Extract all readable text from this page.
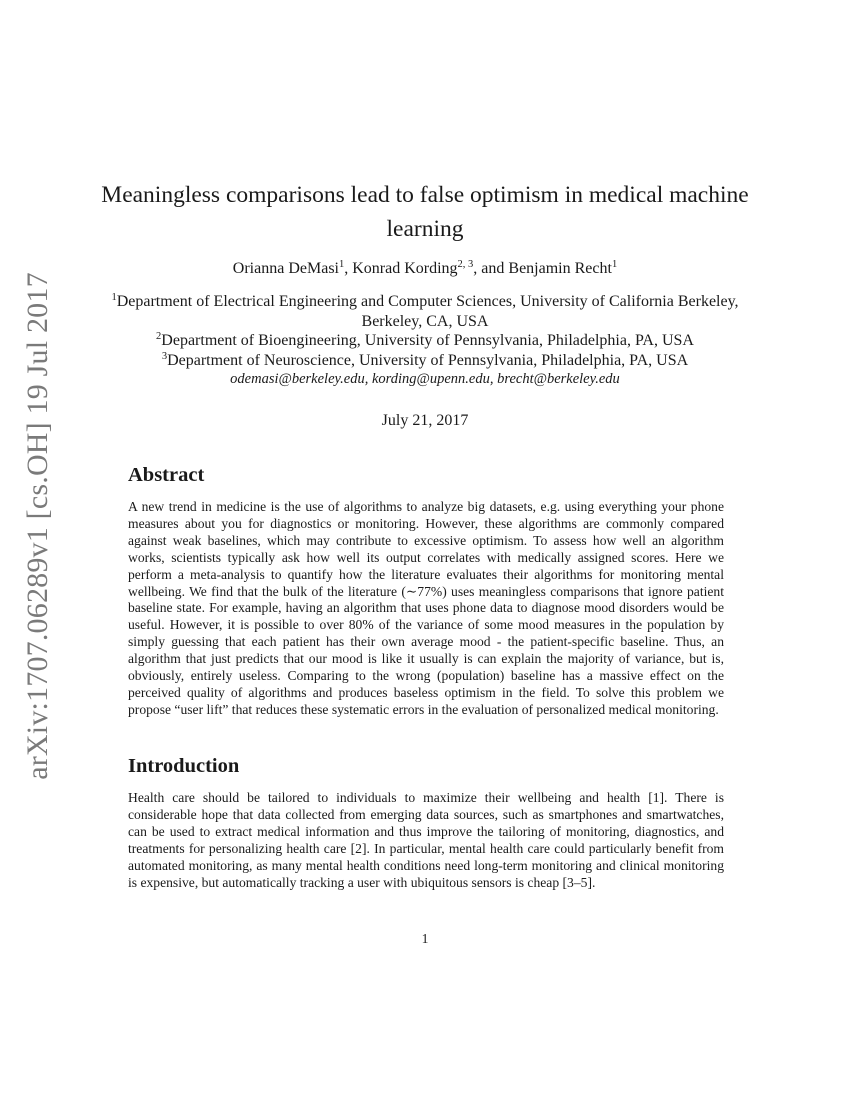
arXiv:1707.06289v1 [cs.OH] 19 Jul 2017
Meaningless comparisons lead to false optimism in medical machine learning
Orianna DeMasi$^1$, Konrad Kording$^{2, 3}$, and Benjamin Recht$^1$
$^1$Department of Electrical Engineering and Computer Sciences, University of California Berkeley, Berkeley, CA, USA
$^2$Department of Bioengineering, University of Pennsylvania, Philadelphia, PA, USA
$^3$Department of Neuroscience, University of Pennsylvania, Philadelphia, PA, USA
odemasi@berkeley.edu, kording@upenn.edu, brecht@berkeley.edu
July 21, 2017
Abstract
A new trend in medicine is the use of algorithms to analyze big datasets, e.g. using everything your phone measures about you for diagnostics or monitoring. However, these algorithms are commonly compared against weak baselines, which may contribute to excessive optimism. To assess how well an algorithm works, scientists typically ask how well its output correlates with medically assigned scores. Here we perform a meta-analysis to quantify how the literature evaluates their algorithms for monitoring mental wellbeing. We find that the bulk of the literature (∼77%) uses meaningless comparisons that ignore patient baseline state. For example, having an algorithm that uses phone data to diagnose mood disorders would be useful. However, it is possible to over 80% of the variance of some mood measures in the population by simply guessing that each patient has their own average mood - the patient-specific baseline. Thus, an algorithm that just predicts that our mood is like it usually is can explain the majority of variance, but is, obviously, entirely useless. Comparing to the wrong (population) baseline has a massive effect on the perceived quality of algorithms and produces baseless optimism in the field. To solve this problem we propose “user lift” that reduces these systematic errors in the evaluation of personalized medical monitoring.
Introduction
Health care should be tailored to individuals to maximize their wellbeing and health [1]. There is considerable hope that data collected from emerging data sources, such as smartphones and smartwatches, can be used to extract medical information and thus improve the tailoring of monitoring, diagnostics, and treatments for personalizing health care [2]. In particular, mental health care could particularly benefit from automated monitoring, as many mental health conditions need long-term monitoring and clinical monitoring is expensive, but automatically tracking a user with ubiquitous sensors is cheap [3–5].
1
